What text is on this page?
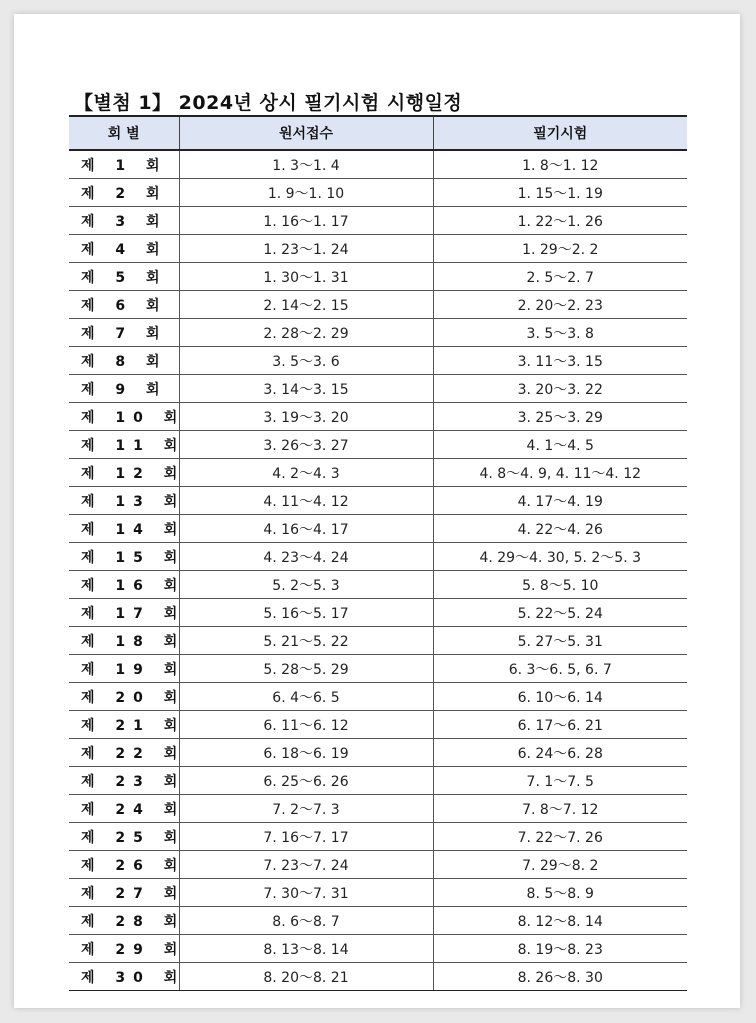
【별첨 1】 2024년 상시 필기시험 시행일정
회 별	원서접수	필기시험
제 1 회	1. 3～1. 4	1. 8～1. 12
제 2 회	1. 9～1. 10	1. 15～1. 19
제 3 회	1. 16～1. 17	1. 22～1. 26
제 4 회	1. 23～1. 24	1. 29～2. 2
제 5 회	1. 30～1. 31	2. 5～2. 7
제 6 회	2. 14～2. 15	2. 20～2. 23
제 7 회	2. 28～2. 29	3. 5～3. 8
제 8 회	3. 5～3. 6	3. 11～3. 15
제 9 회	3. 14～3. 15	3. 20～3. 22
제 10 회	3. 19～3. 20	3. 25～3. 29
제 11 회	3. 26～3. 27	4. 1～4. 5
제 12 회	4. 2～4. 3	4. 8～4. 9, 4. 11～4. 12
제 13 회	4. 11～4. 12	4. 17～4. 19
제 14 회	4. 16～4. 17	4. 22～4. 26
제 15 회	4. 23～4. 24	4. 29～4. 30, 5. 2～5. 3
제 16 회	5. 2～5. 3	5. 8～5. 10
제 17 회	5. 16～5. 17	5. 22～5. 24
제 18 회	5. 21～5. 22	5. 27～5. 31
제 19 회	5. 28～5. 29	6. 3～6. 5, 6. 7
제 20 회	6. 4～6. 5	6. 10～6. 14
제 21 회	6. 11～6. 12	6. 17～6. 21
제 22 회	6. 18～6. 19	6. 24～6. 28
제 23 회	6. 25～6. 26	7. 1～7. 5
제 24 회	7. 2～7. 3	7. 8～7. 12
제 25 회	7. 16～7. 17	7. 22～7. 26
제 26 회	7. 23～7. 24	7. 29～8. 2
제 27 회	7. 30～7. 31	8. 5～8. 9
제 28 회	8. 6～8. 7	8. 12～8. 14
제 29 회	8. 13～8. 14	8. 19～8. 23
제 30 회	8. 20～8. 21	8. 26～8. 30
